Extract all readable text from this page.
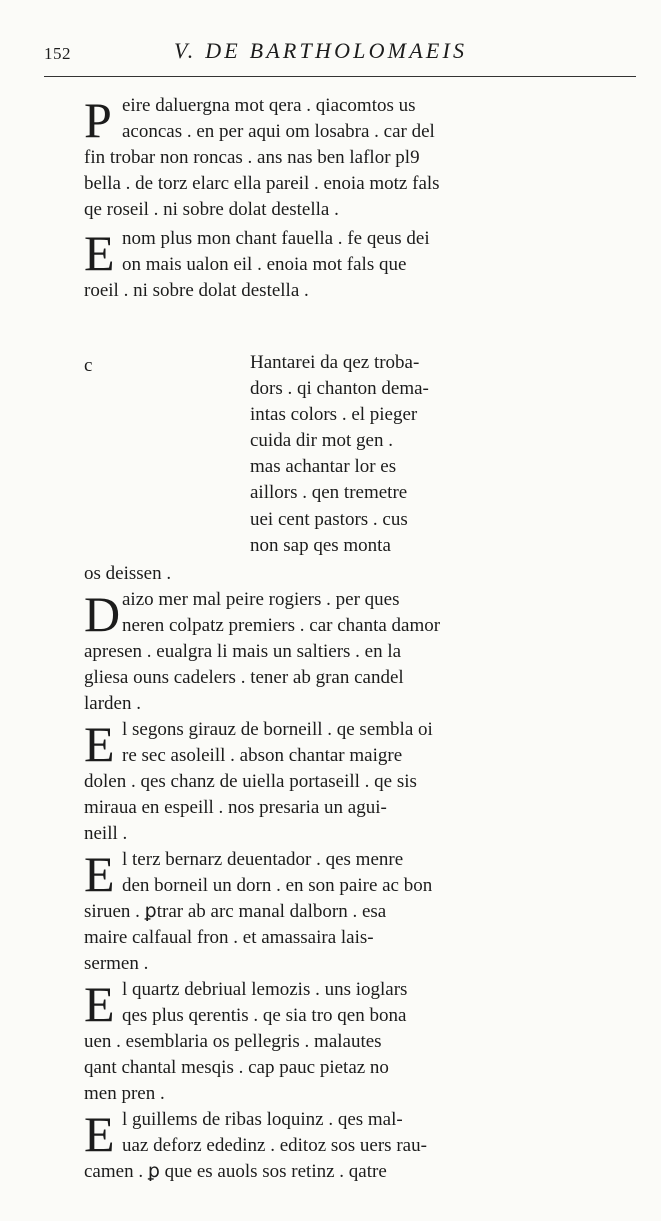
152	V. DE BARTHOLOMAEIS
P eire daluergna mot qera . qiacomtos us
aconcas . en per aqui om losabra . car del
fin trobar non roncas . ans nas ben laflor pl9
bella . de torz elarc ella pareil . enoia motz fals
qe roseil . ni sobre dolat destella .
E nom plus mon chant fauella . fe qeus dei
on mais ualon eil . enoia mot fals que
roeil . ni sobre dolat destella .
c	Hantarei da qez troba-
dors . qi chanton dema-
intas colors . el pieger
cuida dir mot gen .
mas achantar lor es
aillors . qen tremetre
uei cent pastors . cus
non sap qes monta
os deissen .
D aizo mer mal peire rogiers . per ques
neren colpatz premiers . car chanta damor
apresen . eualgra li mais un saltiers . en la
gliesa ouns cadelers . tener ab gran candel
larden .
E l segons girauz de borneill . qe sembla oi
re sec asoleill . abson chantar maigre
dolen . qes chanz de uiella portaseill . qe sis
miraua en espeill . nos presaria un agui-
neill .
E l terz bernarz deuentador . qes menre
den borneil un dorn . en son paire ac bon
siruen . ꝑtrar ab arc manal dalborn . esa
maire calfaual fron . et amassaira lais-
sermen .
E l quartz debriual lemozis . uns ioglars
qes plus qerentis . qe sia tro qen bona
uen . esemblaria os pellegris . malautes
qant chantal mesqis . cap pauc pietaz no
men pren .
E l guillems de ribas loquinz . qes mal-
uaz deforz ededinz . editoz sos uers rau-
camen . ꝑ que es auols sos retinz . qatre
